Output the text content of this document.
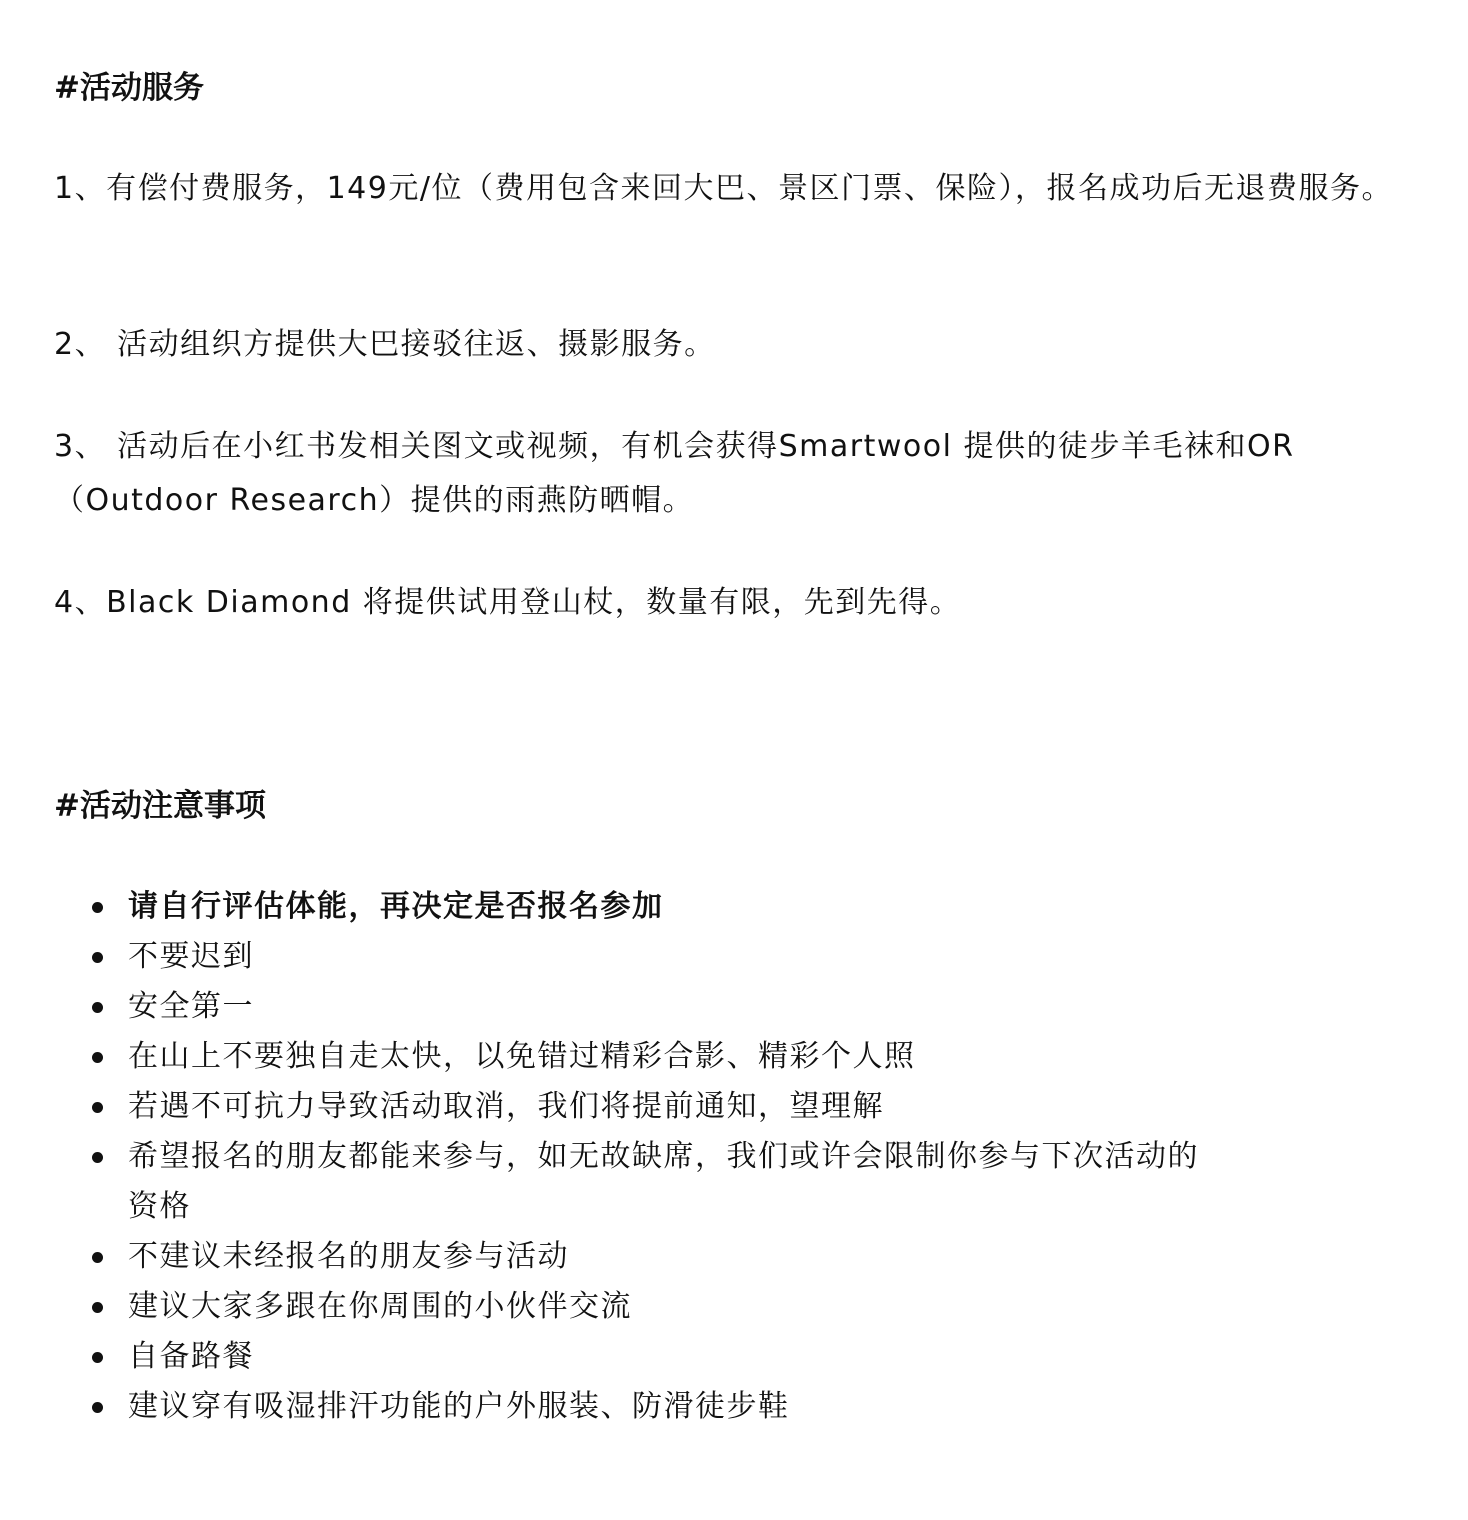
#活动服务

1、有偿付费服务，149元/位（费用包含来回大巴、景区门票、保险），报名成功后无退费服务。

2、 活动组织方提供大巴接驳往返、摄影服务。

3、 活动后在小红书发相关图文或视频，有机会获得Smartwool 提供的徒步羊毛袜和OR（Outdoor Research）提供的雨燕防晒帽。

4、Black Diamond 将提供试用登山杖，数量有限，先到先得。

#活动注意事项
请自行评估体能，再决定是否报名参加
不要迟到
安全第一
在山上不要独自走太快，以免错过精彩合影、精彩个人照
若遇不可抗力导致活动取消，我们将提前通知，望理解
希望报名的朋友都能来参与，如无故缺席，我们或许会限制你参与下次活动的资格
不建议未经报名的朋友参与活动
建议大家多跟在你周围的小伙伴交流
自备路餐
建议穿有吸湿排汗功能的户外服装、防滑徒步鞋
